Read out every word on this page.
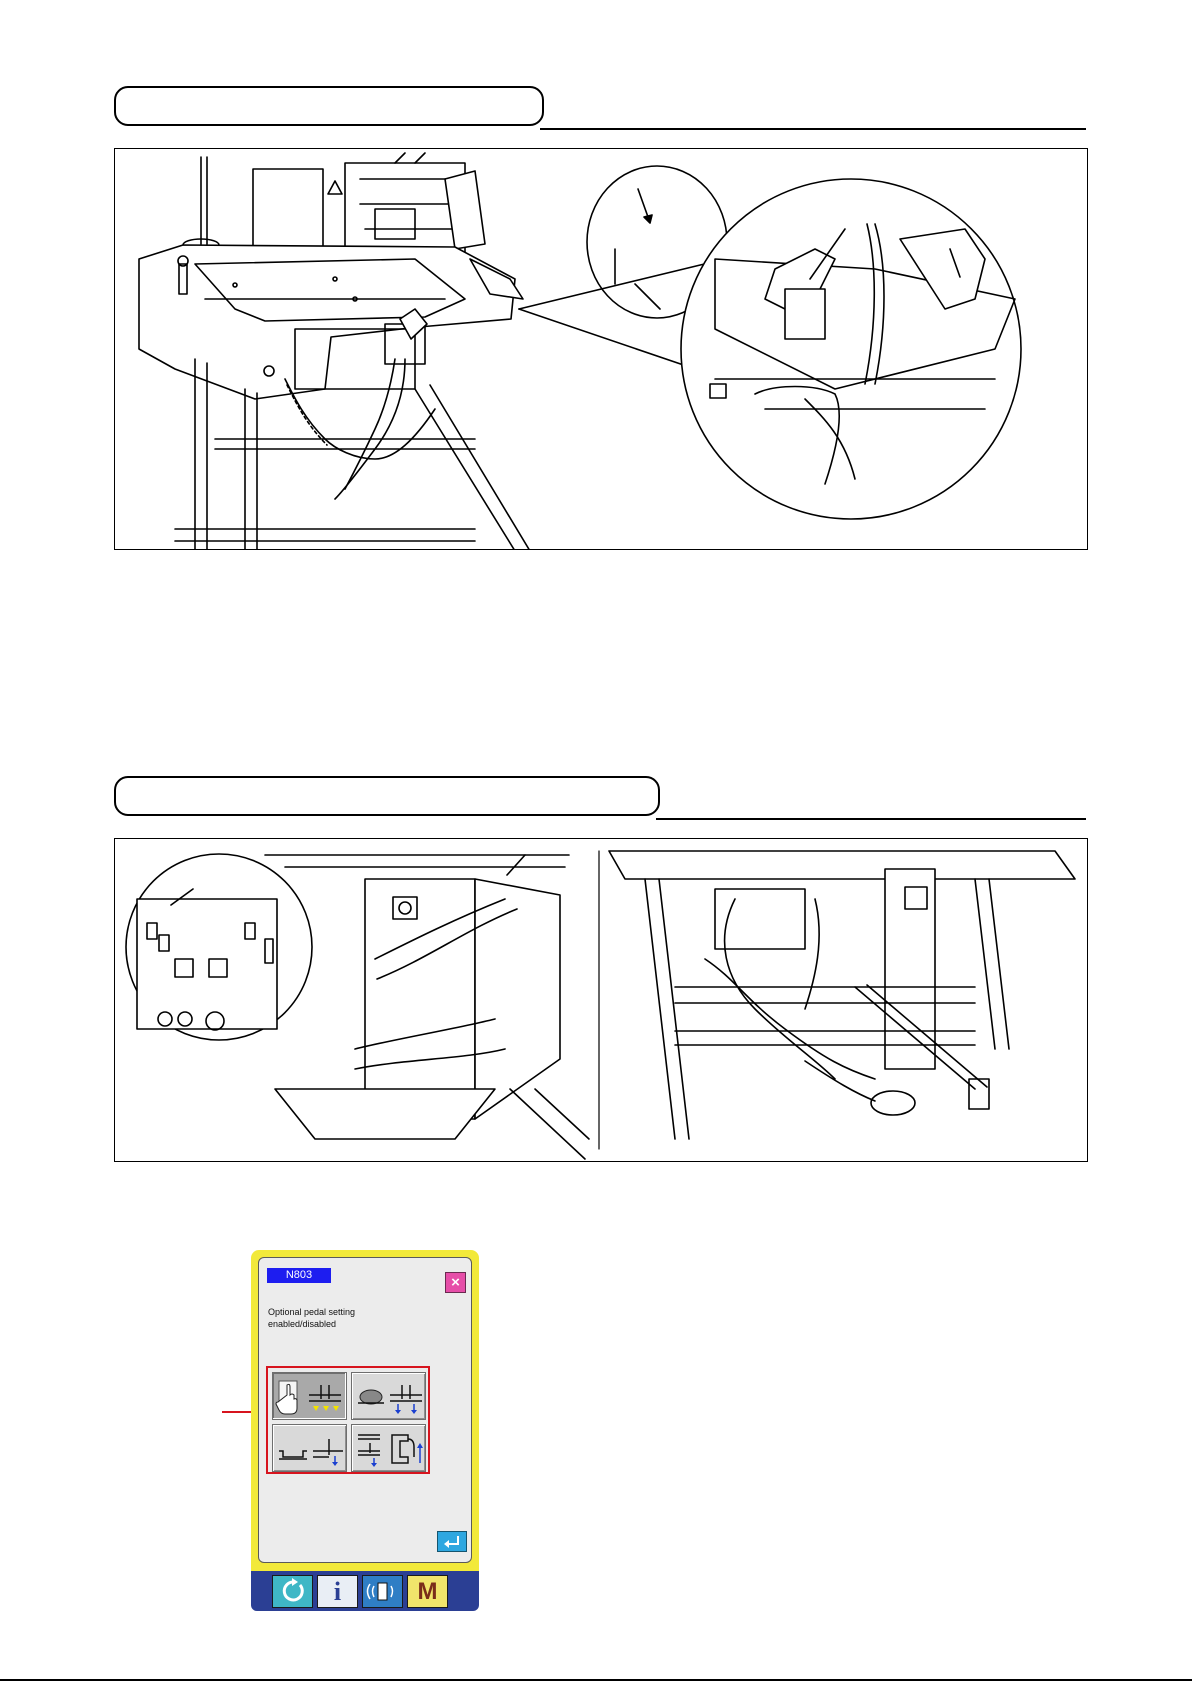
N803	×
Optional pedal setting
enabled/disabled
i	M
